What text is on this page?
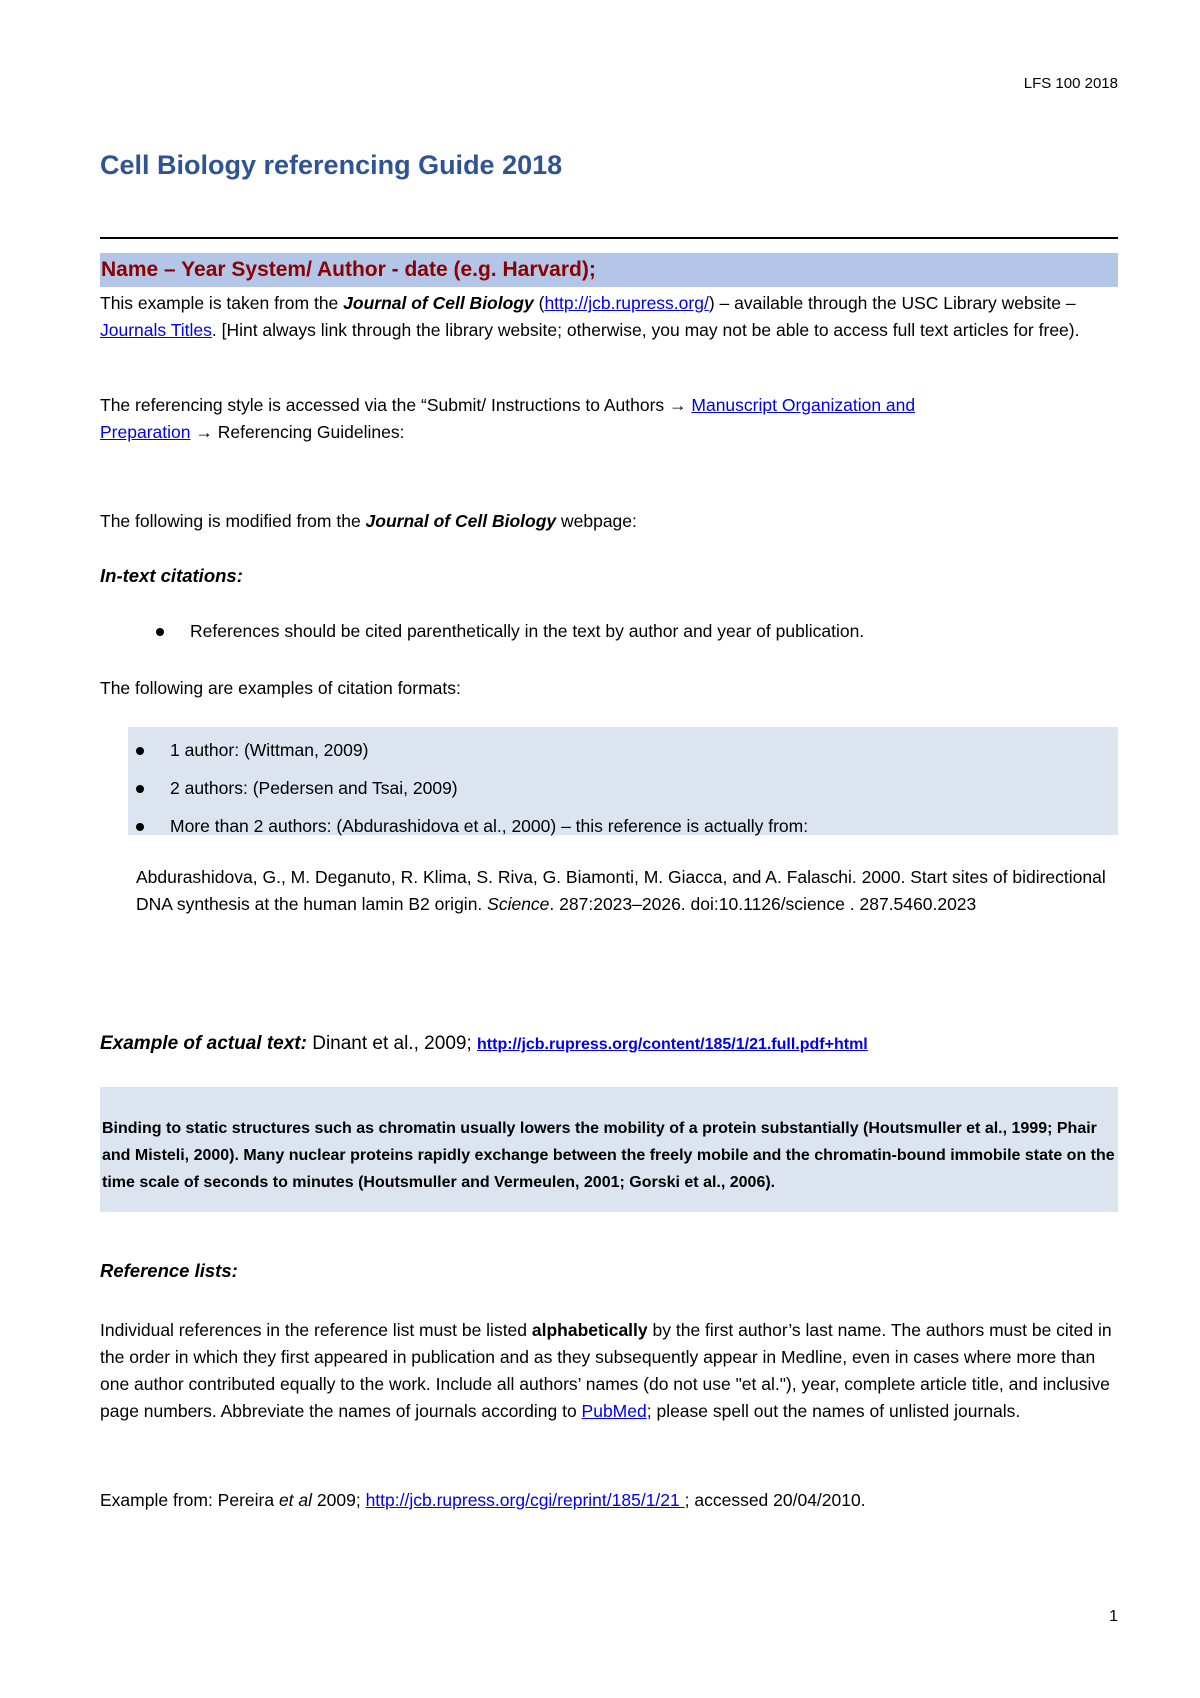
LFS 100 2018
Cell Biology referencing Guide 2018
Name – Year System/ Author - date (e.g. Harvard);
This example is taken from the Journal of Cell Biology (http://jcb.rupress.org/) – available through the USC Library website – Journals Titles. [Hint always link through the library website; otherwise, you may not be able to access full text articles for free).
The referencing style is accessed via the “Submit/ Instructions to Authors → Manuscript Organization and Preparation → Referencing Guidelines:
The following is modified from the Journal of Cell Biology webpage:
In-text citations:
References should be cited parenthetically in the text by author and year of publication.
The following are examples of citation formats:
1 author: (Wittman, 2009)
2 authors: (Pedersen and Tsai, 2009)
More than 2 authors: (Abdurashidova et al., 2000) – this reference is actually from:
Abdurashidova, G., M. Deganuto, R. Klima, S. Riva, G. Biamonti, M. Giacca, and A. Falaschi. 2000. Start sites of bidirectional DNA synthesis at the human lamin B2 origin. Science. 287:2023–2026. doi:10.1126/science . 287.5460.2023
Example of actual text: Dinant et al., 2009; http://jcb.rupress.org/content/185/1/21.full.pdf+html
Binding to static structures such as chromatin usually lowers the mobility of a protein substantially (Houtsmuller et al., 1999; Phair and Misteli, 2000). Many nuclear proteins rapidly exchange between the freely mobile and the chromatin-bound immobile state on the time scale of seconds to minutes (Houtsmuller and Vermeulen, 2001; Gorski et al., 2006).
Reference lists:
Individual references in the reference list must be listed alphabetically by the first author’s last name. The authors must be cited in the order in which they first appeared in publication and as they subsequently appear in Medline, even in cases where more than one author contributed equally to the work. Include all authors’ names (do not use "et al."), year, complete article title, and inclusive page numbers. Abbreviate the names of journals according to PubMed; please spell out the names of unlisted journals.
Example from: Pereira et al 2009; http://jcb.rupress.org/cgi/reprint/185/1/21 ; accessed 20/04/2010.
1
